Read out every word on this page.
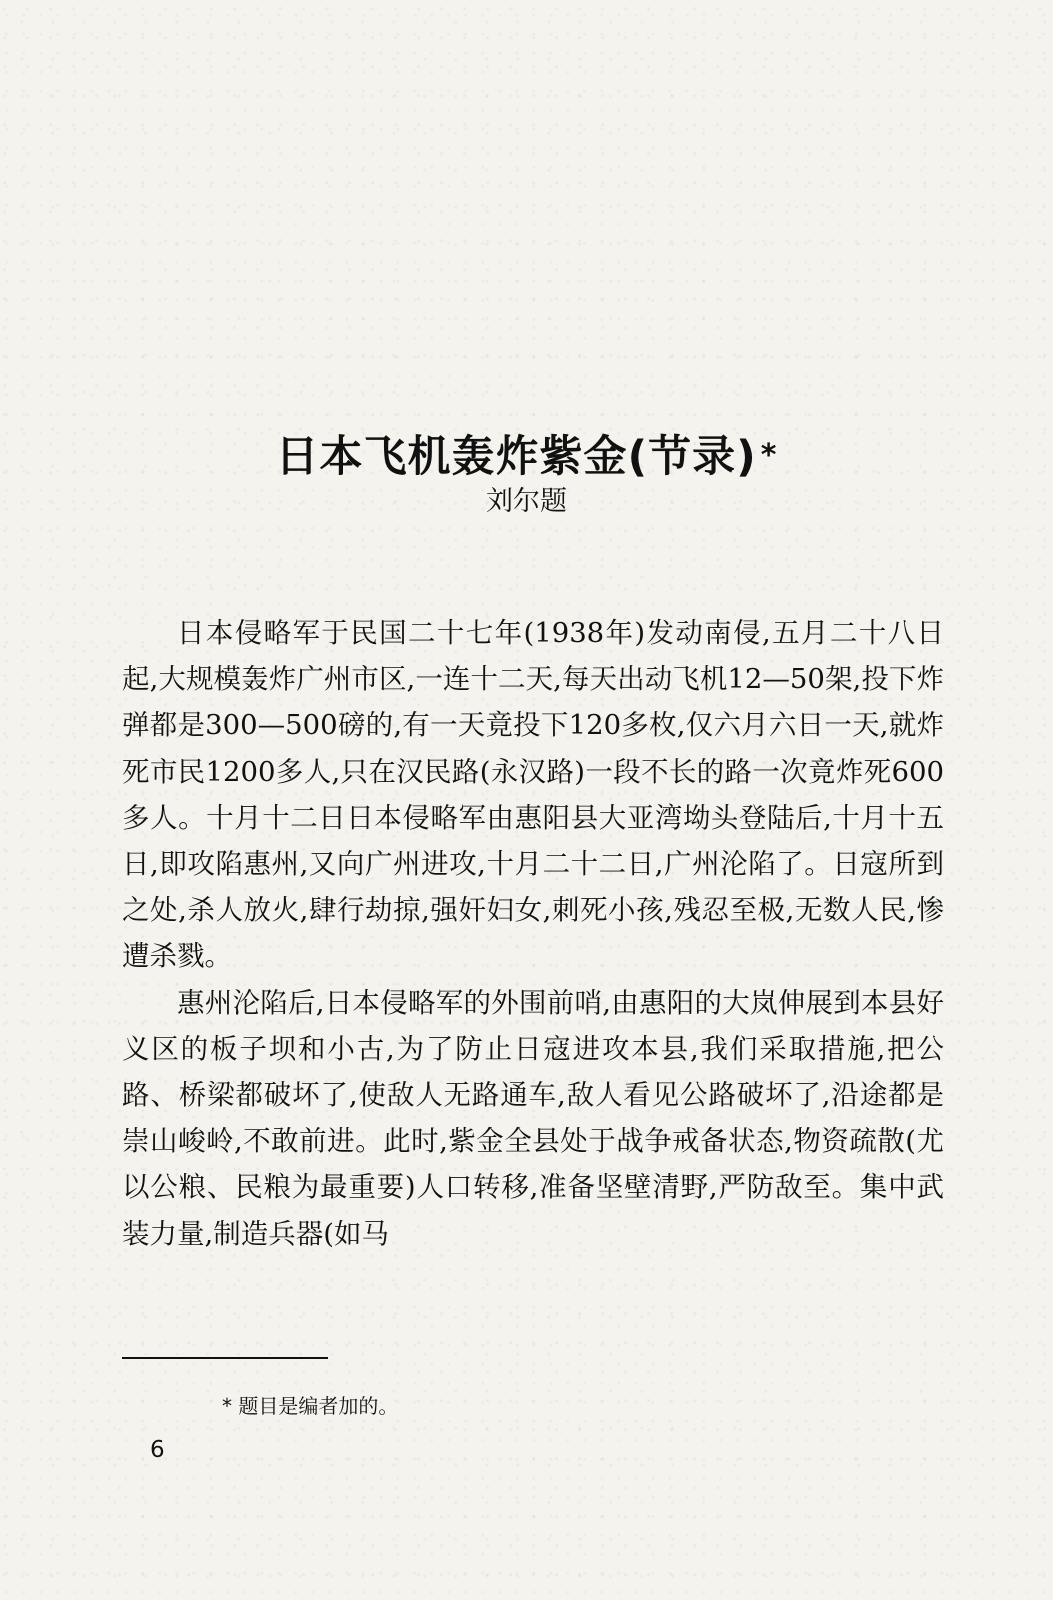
日本飞机轰炸紫金(节录) *
刘尔题

日本侵略军于民国二十七年(1938年)发动南侵,五月二十八日起,大规模轰炸广州市区,一连十二天,每天出动飞机12—50架,投下炸弹都是300—500磅的,有一天竟投下120多枚,仅六月六日一天,就炸死市民1200多人,只在汉民路(永汉路)一段不长的路一次竟炸死600多人。十月十二日日本侵略军由惠阳县大亚湾坳头登陆后,十月十五日,即攻陷惠州,又向广州进攻,十月二十二日,广州沦陷了。日寇所到之处,杀人放火,肆行劫掠,强奸妇女,刺死小孩,残忍至极,无数人民,惨遭杀戮。

惠州沦陷后,日本侵略军的外围前哨,由惠阳的大岚伸展到本县好义区的板子坝和小古,为了防止日寇进攻本县,我们采取措施,把公路、桥梁都破坏了,使敌人无路通车,敌人看见公路破坏了,沿途都是崇山峻岭,不敢前进。此时,紫金全县处于战争戒备状态,物资疏散(尤以公粮、民粮为最重要)人口转移,准备坚壁清野,严防敌至。集中武装力量,制造兵器(如马

* 题目是编者加的。
6
